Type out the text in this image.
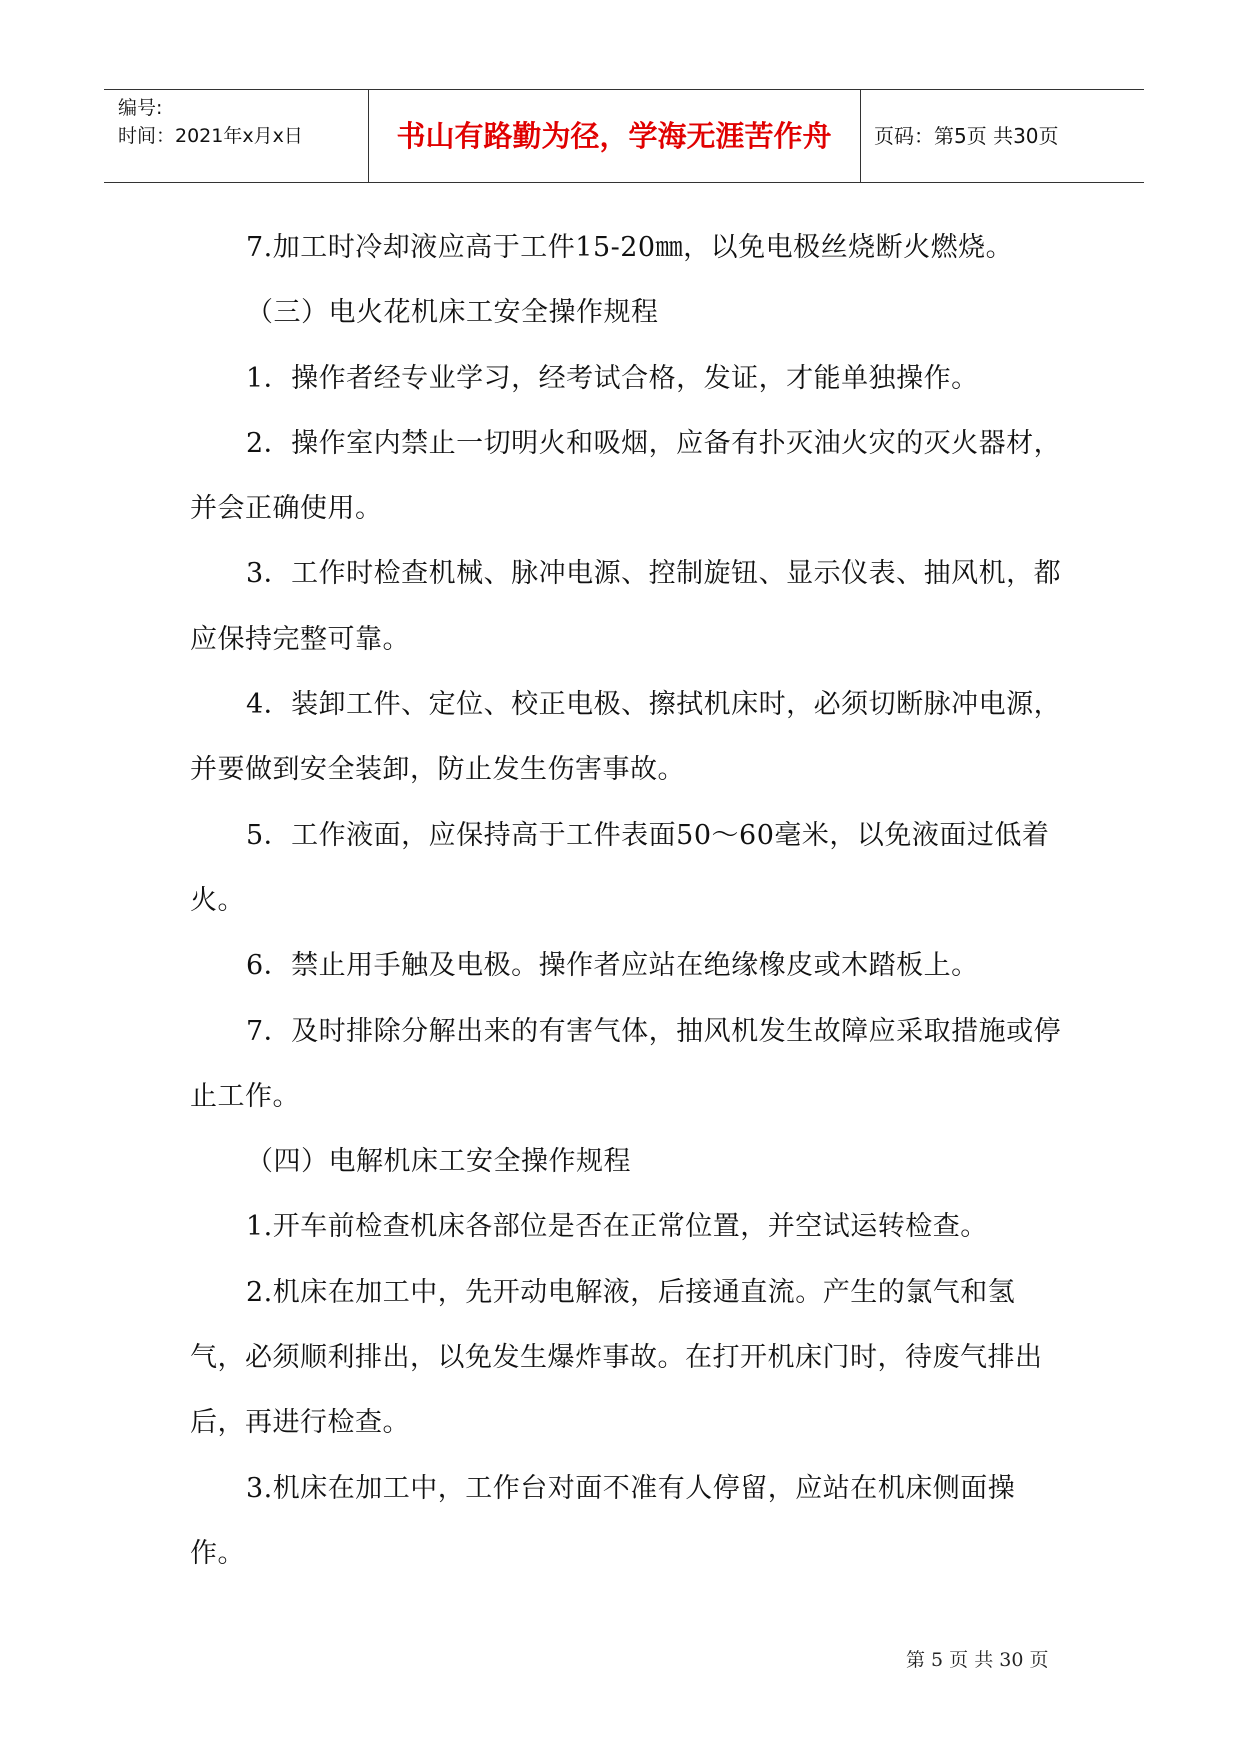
编号:
时间：2021年x月x日	书山有路勤为径，学海无涯苦作舟	页码：第5页 共30页

7.加工时冷却液应高于工件15-20㎜，以免电极丝烧断火燃烧。

（三）电火花机床工安全操作规程

1．操作者经专业学习，经考试合格，发证，才能单独操作。

2．操作室内禁止一切明火和吸烟，应备有扑灭油火灾的灭火器材，并会正确使用。

3．工作时检查机械、脉冲电源、控制旋钮、显示仪表、抽风机，都应保持完整可靠。

4．装卸工件、定位、校正电极、擦拭机床时，必须切断脉冲电源，并要做到安全装卸，防止发生伤害事故。

5．工作液面，应保持高于工件表面50～60毫米，以免液面过低着火。

6．禁止用手触及电极。操作者应站在绝缘橡皮或木踏板上。

7．及时排除分解出来的有害气体，抽风机发生故障应采取措施或停止工作。

（四）电解机床工安全操作规程

1.开车前检查机床各部位是否在正常位置，并空试运转检查。

2.机床在加工中，先开动电解液，后接通直流。产生的氯气和氢气，必须顺利排出，以免发生爆炸事故。在打开机床门时，待废气排出后，再进行检查。

3.机床在加工中，工作台对面不准有人停留，应站在机床侧面操作。

第 5 页 共 30 页
